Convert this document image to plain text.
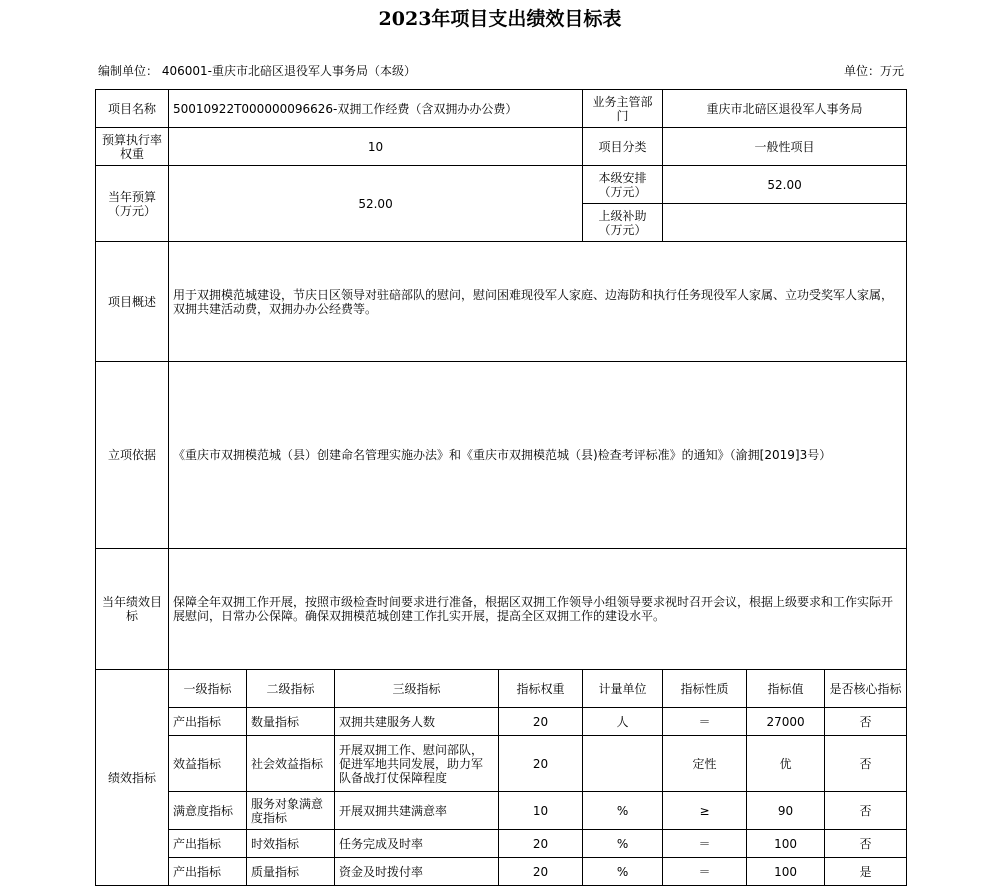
2023年项目支出绩效目标表
编制单位： 406001-重庆市北碚区退役军人事务局（本级）	单位：万元
项目名称	50010922T000000096626-双拥工作经费（含双拥办办公费）				业务主管部门	重庆市北碚区退役军人事务局		
预算执行率权重	10				项目分类	一般性项目		
当年预算（万元）	52.00				本级安排（万元）	52.00		
					上级补助（万元）			
项目概述	用于双拥模范城建设，节庆日区领导对驻碚部队的慰问，慰问困难现役军人家庭、边海防和执行任务现役军人家属、立功受奖军人家属，双拥共建活动费，双拥办办公经费等。							
立项依据	《重庆市双拥模范城（县）创建命名管理实施办法》和《重庆市双拥模范城（县)检查考评标准》的通知》（渝拥[2019]3号）							
当年绩效目标	保障全年双拥工作开展，按照市级检查时间要求进行准备，根据区双拥工作领导小组领导要求视时召开会议，根据上级要求和工作实际开展慰问，日常办公保障。确保双拥模范城创建工作扎实开展，提高全区双拥工作的建设水平。							
绩效指标	一级指标	二级指标	三级指标	指标权重	计量单位	指标性质	指标值	是否核心指标
	产出指标	数量指标	双拥共建服务人数	20	人	＝	27000	否
	效益指标	社会效益指标	开展双拥工作、慰问部队，促进军地共同发展，助力军队备战打仗保障程度	20		定性	优	否
	满意度指标	服务对象满意度指标	开展双拥共建满意率	10	%	≥	90	否
	产出指标	时效指标	任务完成及时率	20	%	＝	100	否
	产出指标	质量指标	资金及时拨付率	20	%	＝	100	是
